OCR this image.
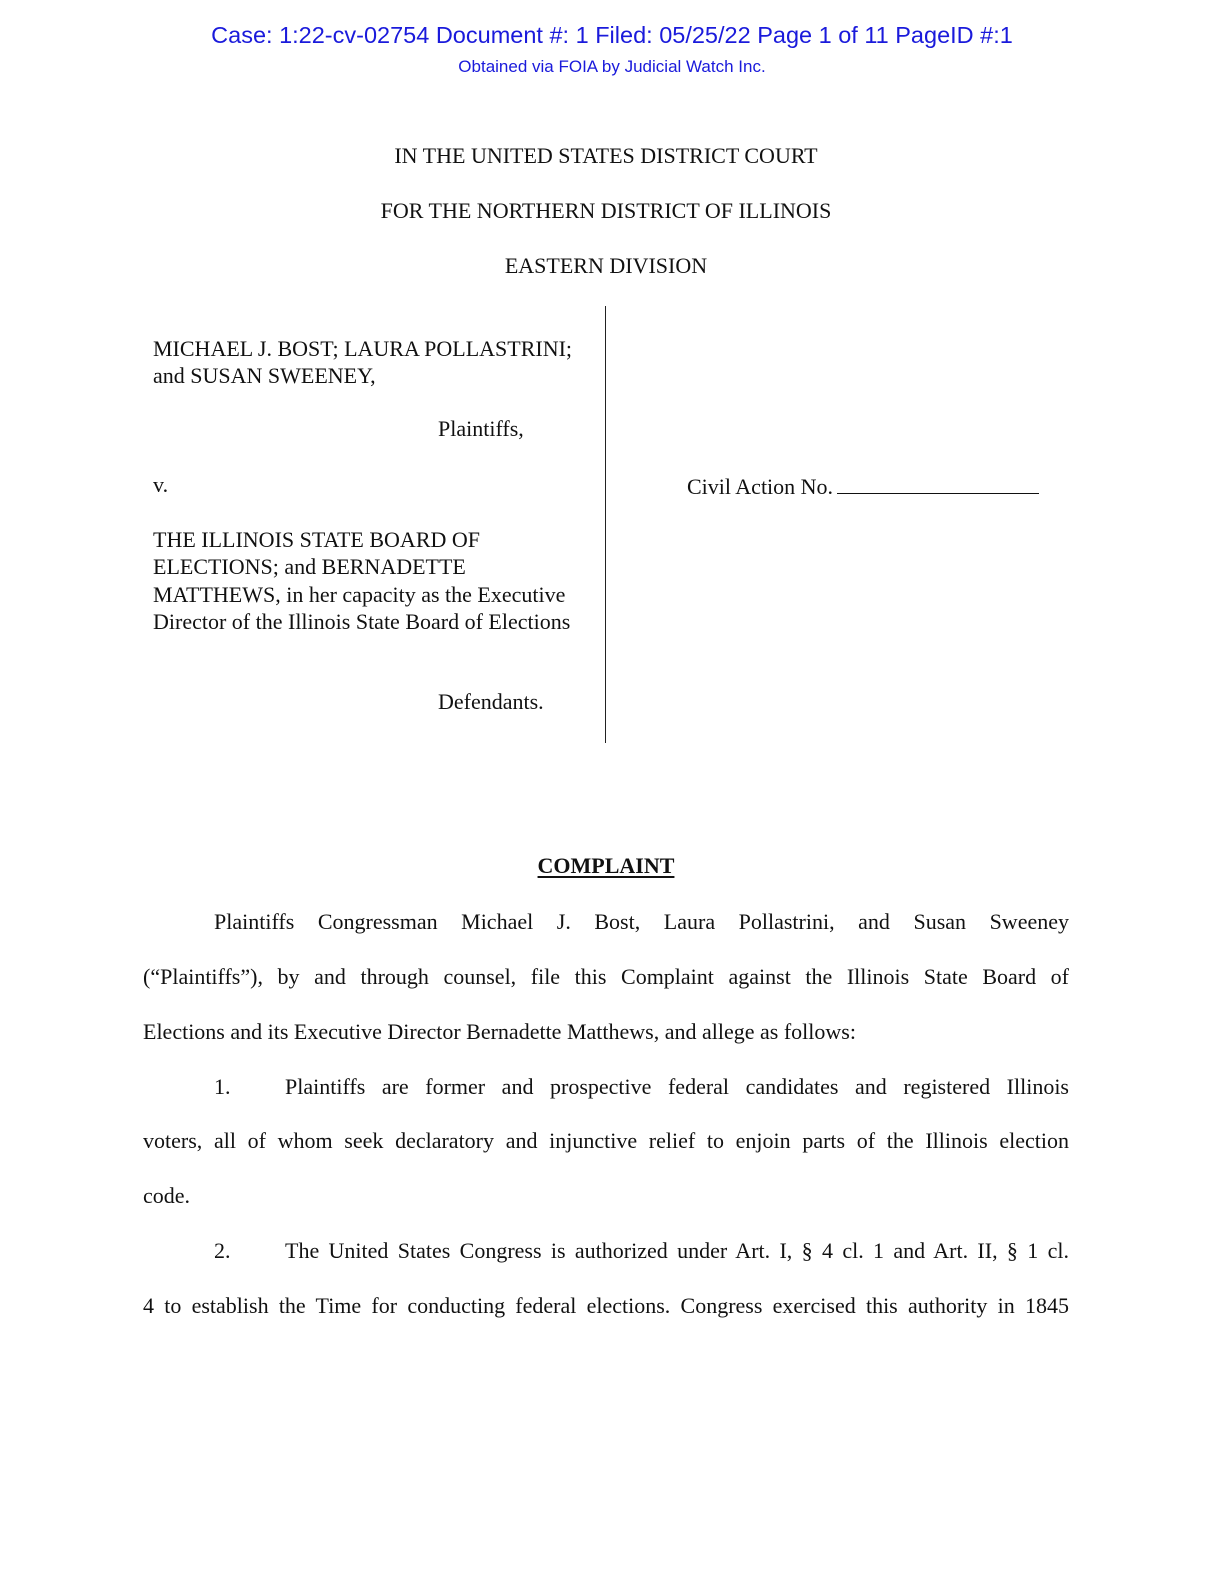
Case: 1:22-cv-02754 Document #: 1 Filed: 05/25/22 Page 1 of 11 PageID #:1
Obtained via FOIA by Judicial Watch Inc.
IN THE UNITED STATES DISTRICT COURT
FOR THE NORTHERN DISTRICT OF ILLINOIS
EASTERN DIVISION
MICHAEL J. BOST; LAURA POLLASTRINI; and SUSAN SWEENEY,
Plaintiffs,
v.
THE ILLINOIS STATE BOARD OF ELECTIONS; and BERNADETTE MATTHEWS, in her capacity as the Executive Director of the Illinois State Board of Elections
Defendants.
Civil Action No.
COMPLAINT
Plaintiffs Congressman Michael J. Bost, Laura Pollastrini, and Susan Sweeney
(“Plaintiffs”), by and through counsel, file this Complaint against the Illinois State Board of
Elections and its Executive Director Bernadette Matthews, and allege as follows:
1. Plaintiffs are former and prospective federal candidates and registered Illinois
voters, all of whom seek declaratory and injunctive relief to enjoin parts of the Illinois election
code.
2. The United States Congress is authorized under Art. I, § 4 cl. 1 and Art. II, § 1 cl.
4 to establish the Time for conducting federal elections. Congress exercised this authority in 1845
